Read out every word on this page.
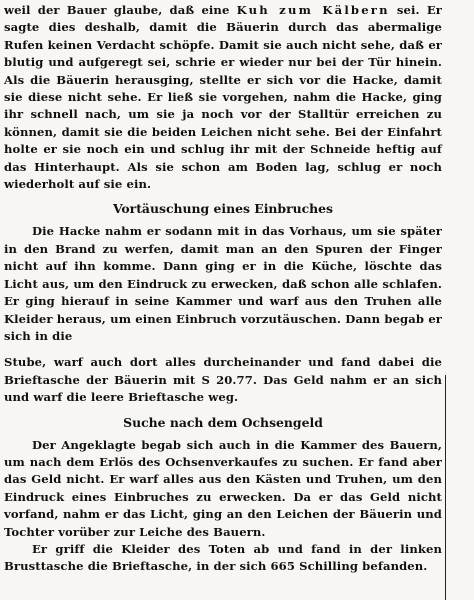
weil der Bauer glaube, daß eine Kuh zum Kälbern sei. Er sagte dies deshalb, damit die Bäuerin durch das abermalige Rufen keinen Verdacht schöpfe. Damit sie auch nicht sehe, daß er blutig und aufgeregt sei, schrie er wieder nur bei der Tür hinein. Als die Bäuerin herausging, stellte er sich vor die Hacke, damit sie diese nicht sehe. Er ließ sie vorgehen, nahm die Hacke, ging ihr schnell nach, um sie ja noch vor der Stalltür erreichen zu können, damit sie die beiden Leichen nicht sehe. Bei der Einfahrt holte er sie noch ein und schlug ihr mit der Schneide heftig auf das Hinterhaupt. Als sie schon am Boden lag, schlug er noch wiederholt auf sie ein.

Vortäuschung eines Einbruches

Die Hacke nahm er sodann mit in das Vorhaus, um sie später in den Brand zu werfen, damit man an den Spuren der Finger nicht auf ihn komme. Dann ging er in die Küche, löschte das Licht aus, um den Eindruck zu erwecken, daß schon alle schlafen. Er ging hierauf in seine Kammer und warf aus den Truhen alle Kleider heraus, um einen Einbruch vorzutäuschen. Dann begab er sich in die

Stube, warf auch dort alles durcheinander und fand dabei die Brieftasche der Bäuerin mit S 20.77. Das Geld nahm er an sich und warf die leere Brieftasche weg.

Suche nach dem Ochsengeld

Der Angeklagte begab sich auch in die Kammer des Bauern, um nach dem Erlös des Ochsenverkaufes zu suchen. Er fand aber das Geld nicht. Er warf alles aus den Kästen und Truhen, um den Eindruck eines Einbruches zu erwecken. Da er das Geld nicht vorfand, nahm er das Licht, ging an den Leichen der Bäuerin und Tochter vorüber zur Leiche des Bauern.

Er griff die Kleider des Toten ab und fand in der linken Brusttasche die Brieftasche, in der sich 665 Schilling befanden.
